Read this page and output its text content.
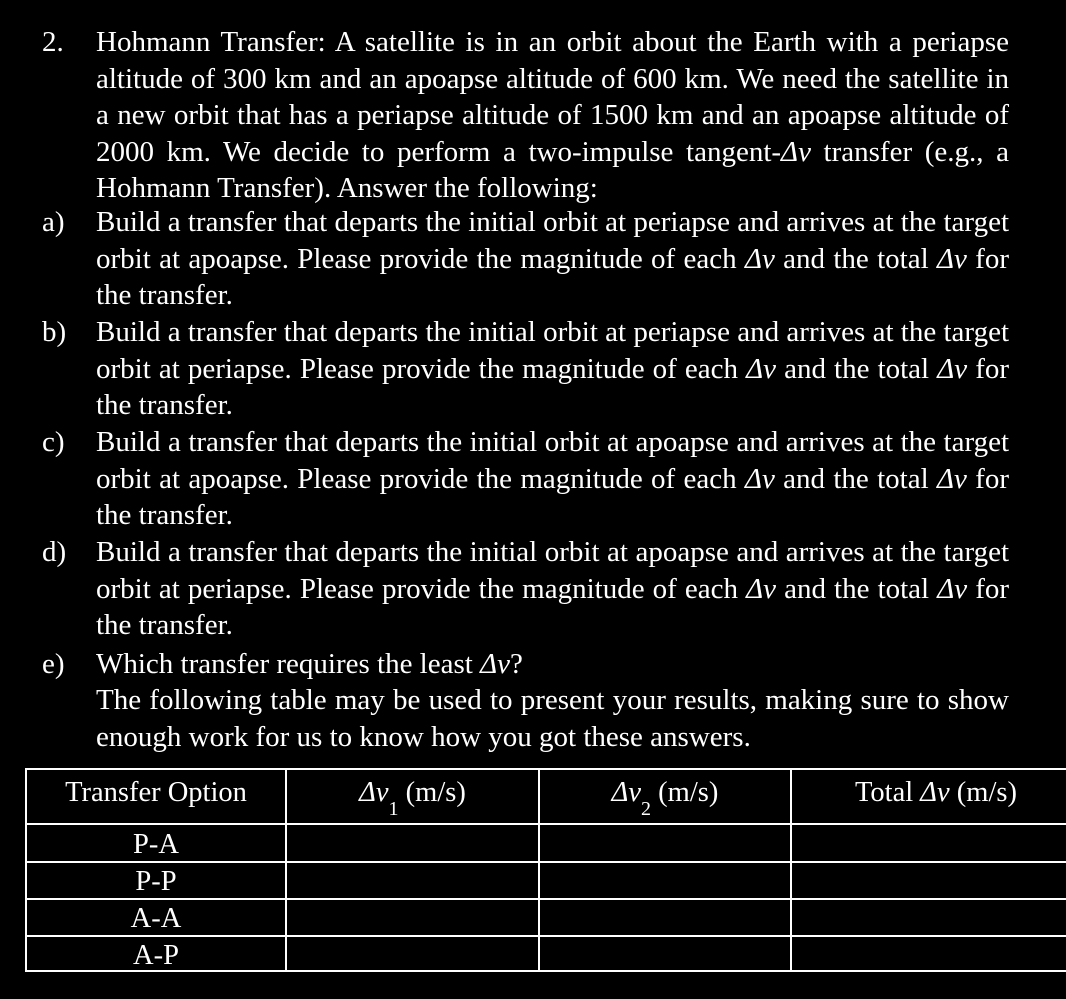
2. Hohmann Transfer: A satellite is in an orbit about the Earth with a periapse altitude of 300 km and an apoapse altitude of 600 km. We need the satellite in a new orbit that has a periapse altitude of 1500 km and an apoapse altitude of 2000 km. We decide to perform a two-impulse tangent-Δv transfer (e.g., a Hohmann Transfer). Answer the following:
a) Build a transfer that departs the initial orbit at periapse and arrives at the target orbit at apoapse. Please provide the magnitude of each Δv and the total Δv for the transfer.
b) Build a transfer that departs the initial orbit at periapse and arrives at the target orbit at periapse. Please provide the magnitude of each Δv and the total Δv for the transfer.
c) Build a transfer that departs the initial orbit at apoapse and arrives at the target orbit at apoapse. Please provide the magnitude of each Δv and the total Δv for the transfer.
d) Build a transfer that departs the initial orbit at apoapse and arrives at the target orbit at periapse. Please provide the magnitude of each Δv and the total Δv for the transfer.
e) Which transfer requires the least Δv?
The following table may be used to present your results, making sure to show enough work for us to know how you got these answers.
Transfer Option	$\Delta v_1$ (m/s)	$\Delta v_2$ (m/s)	Total Δv (m/s)
P-A
P-P
A-A
A-P
